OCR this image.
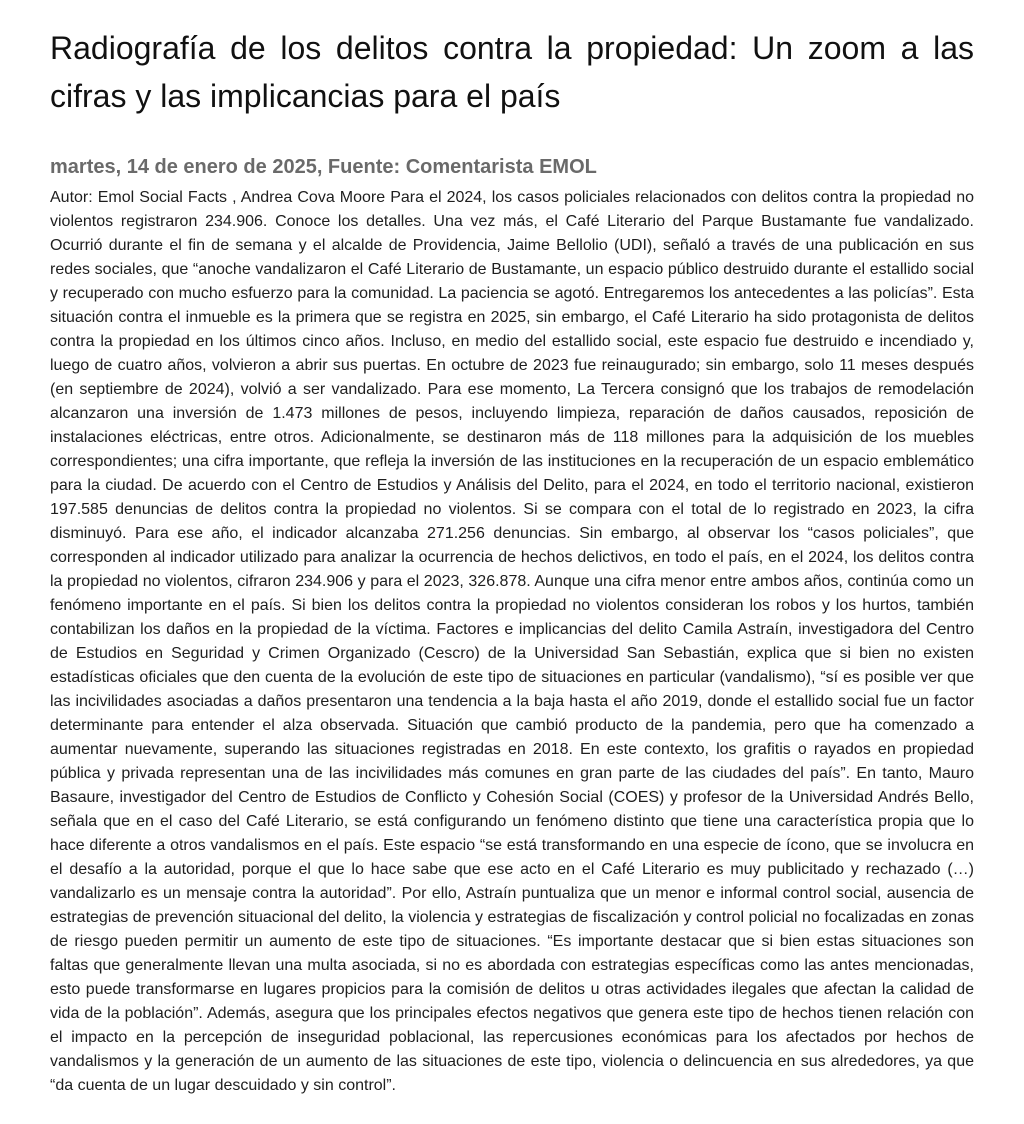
Radiografía de los delitos contra la propiedad: Un zoom a las cifras y las implicancias para el país
martes, 14 de enero de 2025, Fuente: Comentarista EMOL

Autor: Emol Social Facts , Andrea Cova Moore Para el 2024, los casos policiales relacionados con delitos contra la propiedad no violentos registraron 234.906. Conoce los detalles. Una vez más, el Café Literario del Parque Bustamante fue vandalizado. Ocurrió durante el fin de semana y el alcalde de Providencia, Jaime Bellolio (UDI), señaló a través de una publicación en sus redes sociales, que “anoche vandalizaron el Café Literario de Bustamante, un espacio público destruido durante el estallido social y recuperado con mucho esfuerzo para la comunidad. La paciencia se agotó. Entregaremos los antecedentes a las policías”. Esta situación contra el inmueble es la primera que se registra en 2025, sin embargo, el Café Literario ha sido protagonista de delitos contra la propiedad en los últimos cinco años. Incluso, en medio del estallido social, este espacio fue destruido e incendiado y, luego de cuatro años, volvieron a abrir sus puertas. En octubre de 2023 fue reinaugurado; sin embargo, solo 11 meses después (en septiembre de 2024), volvió a ser vandalizado. Para ese momento, La Tercera consignó que los trabajos de remodelación alcanzaron una inversión de 1.473 millones de pesos, incluyendo limpieza, reparación de daños causados, reposición de instalaciones eléctricas, entre otros. Adicionalmente, se destinaron más de 118 millones para la adquisición de los muebles correspondientes; una cifra importante, que refleja la inversión de las instituciones en la recuperación de un espacio emblemático para la ciudad. De acuerdo con el Centro de Estudios y Análisis del Delito, para el 2024, en todo el territorio nacional, existieron 197.585 denuncias de delitos contra la propiedad no violentos. Si se compara con el total de lo registrado en 2023, la cifra disminuyó. Para ese año, el indicador alcanzaba 271.256 denuncias. Sin embargo, al observar los “casos policiales”, que corresponden al indicador utilizado para analizar la ocurrencia de hechos delictivos, en todo el país, en el 2024, los delitos contra la propiedad no violentos, cifraron 234.906 y para el 2023, 326.878. Aunque una cifra menor entre ambos años, continúa como un fenómeno importante en el país. Si bien los delitos contra la propiedad no violentos consideran los robos y los hurtos, también contabilizan los daños en la propiedad de la víctima. Factores e implicancias del delito Camila Astraín, investigadora del Centro de Estudios en Seguridad y Crimen Organizado (Cescro) de la Universidad San Sebastián, explica que si bien no existen estadísticas oficiales que den cuenta de la evolución de este tipo de situaciones en particular (vandalismo), “sí es posible ver que las incivilidades asociadas a daños presentaron una tendencia a la baja hasta el año 2019, donde el estallido social fue un factor determinante para entender el alza observada. Situación que cambió producto de la pandemia, pero que ha comenzado a aumentar nuevamente, superando las situaciones registradas en 2018. En este contexto, los grafitis o rayados en propiedad pública y privada representan una de las incivilidades más comunes en gran parte de las ciudades del país”. En tanto, Mauro Basaure, investigador del Centro de Estudios de Conflicto y Cohesión Social (COES) y profesor de la Universidad Andrés Bello, señala que en el caso del Café Literario, se está configurando un fenómeno distinto que tiene una característica propia que lo hace diferente a otros vandalismos en el país. Este espacio “se está transformando en una especie de ícono, que se involucra en el desafío a la autoridad, porque el que lo hace sabe que ese acto en el Café Literario es muy publicitado y rechazado (…) vandalizarlo es un mensaje contra la autoridad”. Por ello, Astraín puntualiza que un menor e informal control social, ausencia de estrategias de prevención situacional del delito, la violencia y estrategias de fiscalización y control policial no focalizadas en zonas de riesgo pueden permitir un aumento de este tipo de situaciones. “Es importante destacar que si bien estas situaciones son faltas que generalmente llevan una multa asociada, si no es abordada con estrategias específicas como las antes mencionadas, esto puede transformarse en lugares propicios para la comisión de delitos u otras actividades ilegales que afectan la calidad de vida de la población”. Además, asegura que los principales efectos negativos que genera este tipo de hechos tienen relación con el impacto en la percepción de inseguridad poblacional, las repercusiones económicas para los afectados por hechos de vandalismos y la generación de un aumento de las situaciones de este tipo, violencia o delincuencia en sus alrededores, ya que “da cuenta de un lugar descuidado y sin control”.
